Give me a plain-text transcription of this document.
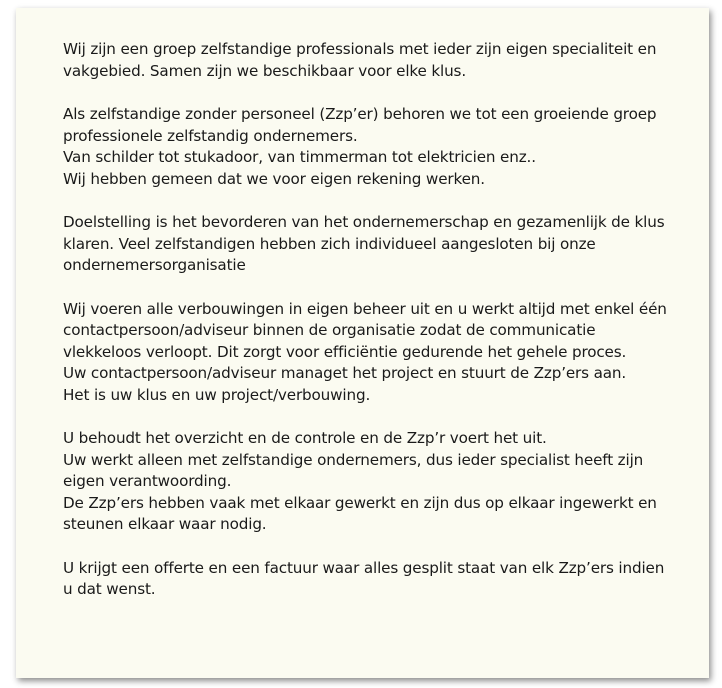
Wij zijn een groep zelfstandige professionals met ieder zijn eigen specialiteit en
vakgebied. Samen zijn we beschikbaar voor elke klus.

Als zelfstandige zonder personeel (Zzp’er) behoren we tot een groeiende groep
professionele zelfstandig ondernemers.
Van schilder tot stukadoor, van timmerman tot elektricien enz..
Wij hebben gemeen dat we voor eigen rekening werken.

Doelstelling is het bevorderen van het ondernemerschap en gezamenlijk de klus
klaren. Veel zelfstandigen hebben zich individueel aangesloten bij onze
ondernemersorganisatie

Wij voeren alle verbouwingen in eigen beheer uit en u werkt altijd met enkel één
contactpersoon/adviseur binnen de organisatie zodat de communicatie
vlekkeloos verloopt. Dit zorgt voor efficiëntie gedurende het gehele proces.
Uw contactpersoon/adviseur managet het project en stuurt de Zzp’ers aan.
Het is uw klus en uw project/verbouwing.

U behoudt het overzicht en de controle en de Zzp’r voert het uit.
Uw werkt alleen met zelfstandige ondernemers, dus ieder specialist heeft zijn
eigen verantwoording.
De Zzp’ers hebben vaak met elkaar gewerkt en zijn dus op elkaar ingewerkt en
steunen elkaar waar nodig.

U krijgt een offerte en een factuur waar alles gesplit staat van elk Zzp’ers indien
u dat wenst.
